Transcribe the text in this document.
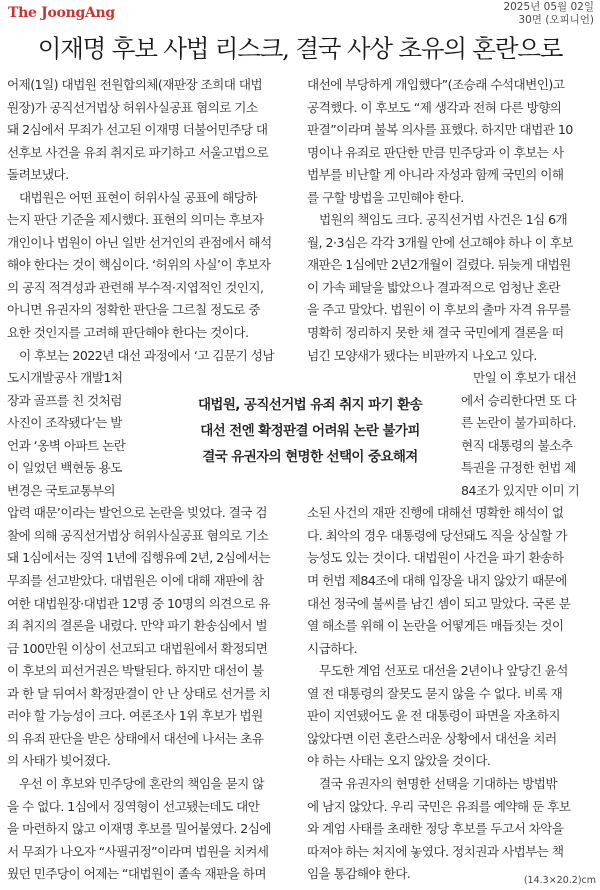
The JoongAng	2025년 05월 02일
30면 (오피니언)
이재명 후보 사법 리스크, 결국 사상 초유의 혼란으로
어제(1일) 대법원 전원합의체(재판장 조희대 대법
원장)가 공직선거법상 허위사실공표 혐의로 기소
돼 2심에서 무죄가 선고된 이재명 더불어민주당 대
선후보 사건을 유죄 취지로 파기하고 서울고법으로
돌려보냈다.
대법원은 어떤 표현이 허위사실 공표에 해당하
는지 판단 기준을 제시했다. 표현의 의미는 후보자
개인이나 법원이 아닌 일반 선거인의 관점에서 해석
해야 한다는 것이 핵심이다. ‘허위의 사실’이 후보자
의 공직 적격성과 관련해 부수적·지엽적인 것인지,
아니면 유권자의 정확한 판단을 그르칠 정도로 중
요한 것인지를 고려해 판단해야 한다는 것이다.
이 후보는 2022년 대선 과정에서 ‘고 김문기 성남
도시개발공사 개발1처
장과 골프를 친 것처럼
사진이 조작됐다’는 발
언과 ‘옹벽 아파트 논란
이 일었던 백현동 용도
변경은 국토교통부의
압력 때문’이라는 발언으로 논란을 빚었다. 결국 검
찰에 의해 공직선거법상 허위사실공표 혐의로 기소
돼 1심에서는 징역 1년에 집행유예 2년, 2심에서는
무죄를 선고받았다. 대법원은 이에 대해 재판에 참
여한 대법원장·대법관 12명 중 10명의 의견으로 유
죄 취지의 결론을 내렸다. 만약 파기 환송심에서 벌
금 100만원 이상이 선고되고 대법원에서 확정되면
이 후보의 피선거권은 박탈된다. 하지만 대선이 불
과 한 달 뒤여서 확정판결이 안 난 상태로 선거를 치
러야 할 가능성이 크다. 여론조사 1위 후보가 법원
의 유죄 판단을 받은 상태에서 대선에 나서는 초유
의 사태가 빚어졌다.
우선 이 후보와 민주당에 혼란의 책임을 묻지 않
을 수 없다. 1심에서 징역형이 선고됐는데도 대안
을 마련하지 않고 이재명 후보를 밀어붙였다. 2심에
서 무죄가 나오자 “사필귀정”이라며 법원을 치켜세
웠던 민주당이 어제는 “대법원이 졸속 재판을 하며
대선에 부당하게 개입했다”(조승래 수석대변인)고
공격했다. 이 후보도 “제 생각과 전혀 다른 방향의
판결”이라며 불복 의사를 표했다. 하지만 대법관 10
명이나 유죄로 판단한 만큼 민주당과 이 후보는 사
법부를 비난할 게 아니라 자성과 함께 국민의 이해
를 구할 방법을 고민해야 한다.
법원의 책임도 크다. 공직선거법 사건은 1심 6개
월, 2·3심은 각각 3개월 안에 선고해야 하나 이 후보
재판은 1심에만 2년2개월이 걸렸다. 뒤늦게 대법원
이 가속 페달을 밟았으나 결과적으로 엄청난 혼란
을 주고 말았다. 법원이 이 후보의 출마 자격 유무를
명확히 정리하지 못한 채 결국 국민에게 결론을 떠
넘긴 모양새가 됐다는 비판까지 나오고 있다.
만일 이 후보가 대선
에서 승리한다면 또 다
른 논란이 불가피하다.
현직 대통령의 불소추
특권을 규정한 헌법 제
84조가 있지만 이미 기
소된 사건의 재판 진행에 대해선 명확한 해석이 없
다. 최악의 경우 대통령에 당선돼도 직을 상실할 가
능성도 있는 것이다. 대법원이 사건을 파기 환송하
며 헌법 제84조에 대해 입장을 내지 않았기 때문에
대선 정국에 불씨를 남긴 셈이 되고 말았다. 국론 분
열 해소를 위해 이 논란을 어떻게든 매듭짓는 것이
시급하다.
무도한 계엄 선포로 대선을 2년이나 앞당긴 윤석
열 전 대통령의 잘못도 묻지 않을 수 없다. 비록 재
판이 지연됐어도 윤 전 대통령이 파면을 자초하지
않았다면 이런 혼란스러운 상황에서 대선을 치러
야 하는 사태는 오지 않았을 것이다.
결국 유권자의 현명한 선택을 기대하는 방법밖
에 남지 않았다. 우리 국민은 유죄를 예약해 둔 후보
와 계엄 사태를 초래한 정당 후보를 두고서 차악을
따져야 하는 처지에 놓였다. 정치권과 사법부는 책
임을 통감해야 한다.
대법원, 공직선거법 유죄 취지 파기 환송
대선 전엔 확정판결 어려워 논란 불가피
결국 유권자의 현명한 선택이 중요해져
(14.3×20.2)cm
